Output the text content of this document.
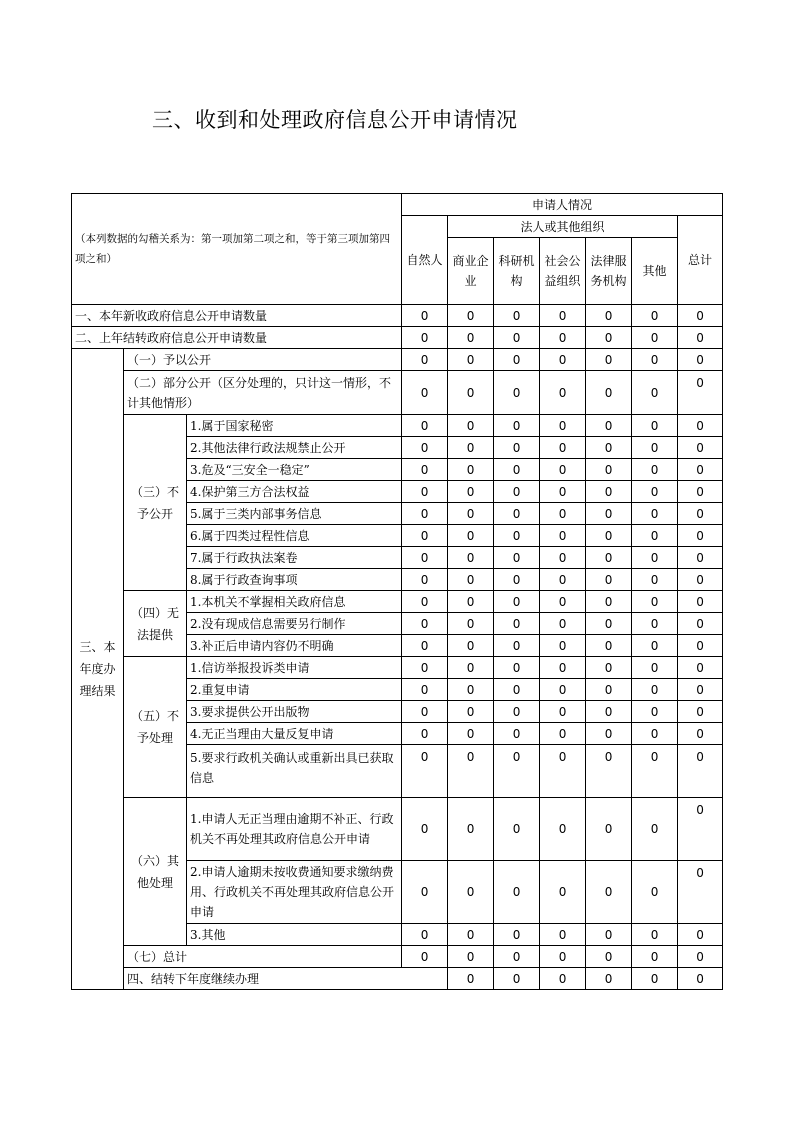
三、收到和处理政府信息公开申请情况
（本列数据的勾稽关系为：第一项加第二项之和，等于第三项加第四项之和）			申请人情况							
			自然人	法人或其他组织					总计	
				商业企业	科研机构	社会公益组织	法律服务机构	其他		
一、本年新收政府信息公开申请数量			0	0	0	0	0	0	0	
二、上年结转政府信息公开申请数量			0	0	0	0	0	0	0	
三、本年度办理结果	（一）予以公开		0	0	0	0	0	0	0	
	（二）部分公开（区分处理的，只计这一情形，不计其他情形）		0	0	0	0	0	0	0	
	（三）不予公开	1.属于国家秘密	0	0	0	0	0	0	0	
		2.其他法律行政法规禁止公开	0	0	0	0	0	0	0	
		3.危及“三安全一稳定”	0	0	0	0	0	0	0	
		4.保护第三方合法权益	0	0	0	0	0	0	0	
		5.属于三类内部事务信息	0	0	0	0	0	0	0	
		6.属于四类过程性信息	0	0	0	0	0	0	0	
		7.属于行政执法案卷	0	0	0	0	0	0	0	
		8.属于行政查询事项	0	0	0	0	0	0	0	
	（四）无法提供	1.本机关不掌握相关政府信息	0	0	0	0	0	0	0	
		2.没有现成信息需要另行制作	0	0	0	0	0	0	0	
		3.补正后申请内容仍不明确	0	0	0	0	0	0	0	
	（五）不予处理	1.信访举报投诉类申请	0	0	0	0	0	0	0	
		2.重复申请	0	0	0	0	0	0	0	
		3.要求提供公开出版物	0	0	0	0	0	0	0	
		4.无正当理由大量反复申请	0	0	0	0	0	0	0	
		5.要求行政机关确认或重新出具已获取信息	0	0	0	0	0	0	0	
	（六）其他处理	1.申请人无正当理由逾期不补正、行政机关不再处理其政府信息公开申请	0	0	0	0	0	0	0	
		2.申请人逾期未按收费通知要求缴纳费用、行政机关不再处理其政府信息公开申请	0	0	0	0	0	0	0	
		3.其他	0	0	0	0	0	0	0	
	（七）总计		0	0	0	0	0	0	0	
	四、结转下年度继续办理			0	0	0	0	0	0	
